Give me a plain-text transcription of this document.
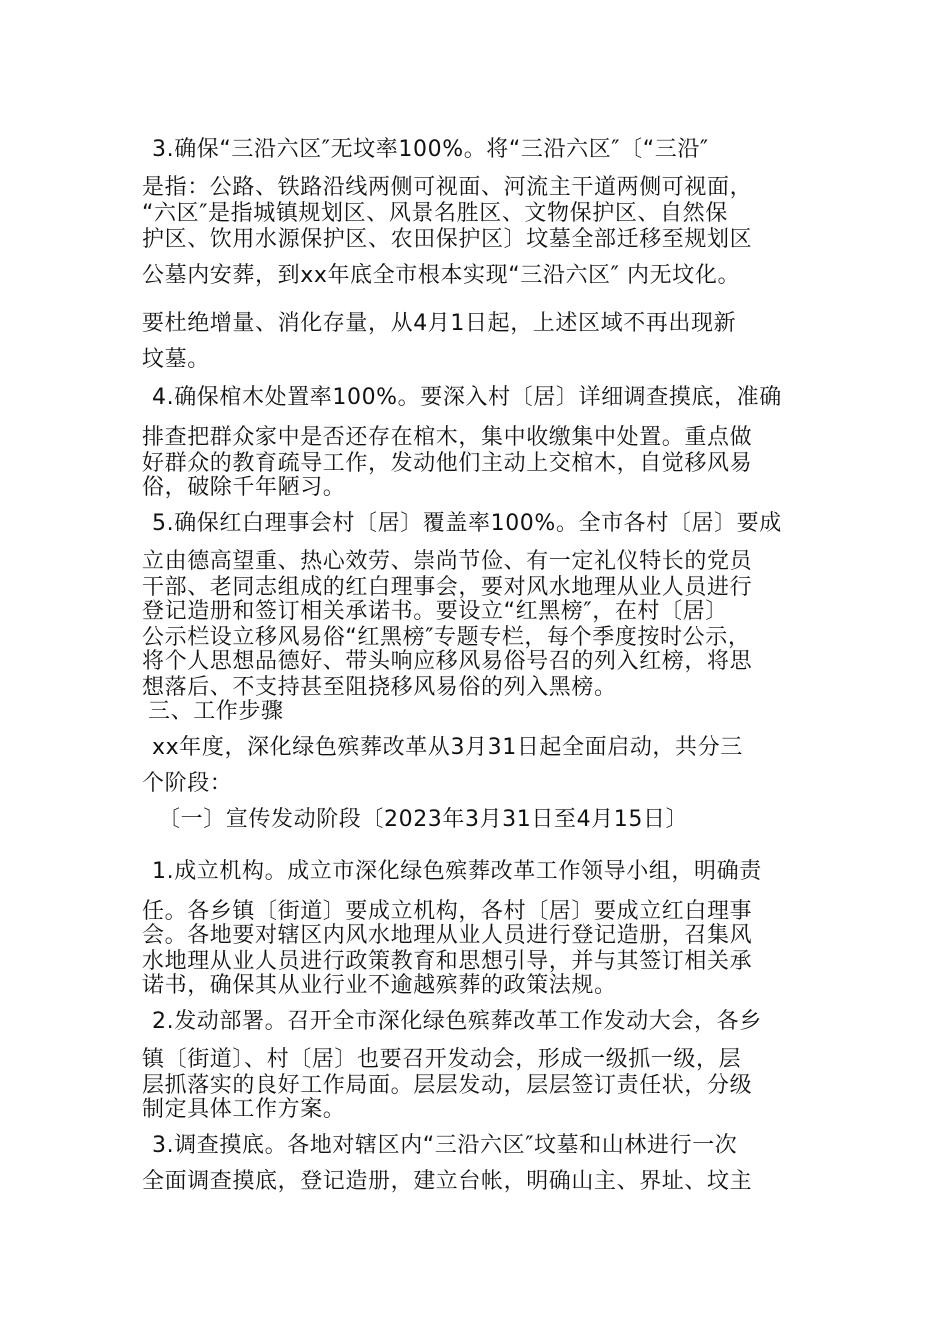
3.确保“三沿六区″无坟率100%。将“三沿六区″〔“三沿″
是指：公路、铁路沿线两侧可视面、河流主干道两侧可视面，
“六区″是指城镇规划区、风景名胜区、文物保护区、自然保
护区、饮用水源保护区、农田保护区〕坟墓全部迁移至规划区
公墓内安葬，到xx年底全市根本实现“三沿六区″ 内无坟化。
要杜绝增量、消化存量，从4月1日起，上述区域不再出现新
坟墓。
4.确保棺木处置率100%。要深入村〔居〕详细调查摸底，准确
排查把群众家中是否还存在棺木，集中收缴集中处置。重点做
好群众的教育疏导工作，发动他们主动上交棺木，自觉移风易
俗，破除千年陋习。
5.确保红白理事会村〔居〕覆盖率100%。全市各村〔居〕要成
立由德高望重、热心效劳、崇尚节俭、有一定礼仪特长的党员
干部、老同志组成的红白理事会，要对风水地理从业人员进行
登记造册和签订相关承诺书。要设立“红黑榜″，在村〔居〕
公示栏设立移风易俗“红黑榜″专题专栏，每个季度按时公示，
将个人思想品德好、带头响应移风易俗号召的列入红榜，将思
想落后、不支持甚至阻挠移风易俗的列入黑榜。
三、工作步骤
xx年度，深化绿色殡葬改革从3月31日起全面启动，共分三
个阶段：
〔一〕宣传发动阶段〔2023年3月31日至4月15日〕
1.成立机构。成立市深化绿色殡葬改革工作领导小组，明确责
任。各乡镇〔街道〕要成立机构，各村〔居〕要成立红白理事
会。各地要对辖区内风水地理从业人员进行登记造册，召集风
水地理从业人员进行政策教育和思想引导，并与其签订相关承
诺书，确保其从业行业不逾越殡葬的政策法规。
2.发动部署。召开全市深化绿色殡葬改革工作发动大会，各乡
镇〔街道〕、村〔居〕也要召开发动会，形成一级抓一级，层
层抓落实的良好工作局面。层层发动，层层签订责任状，分级
制定具体工作方案。
3.调查摸底。各地对辖区内“三沿六区″坟墓和山林进行一次
全面调查摸底，登记造册，建立台帐，明确山主、界址、坟主
